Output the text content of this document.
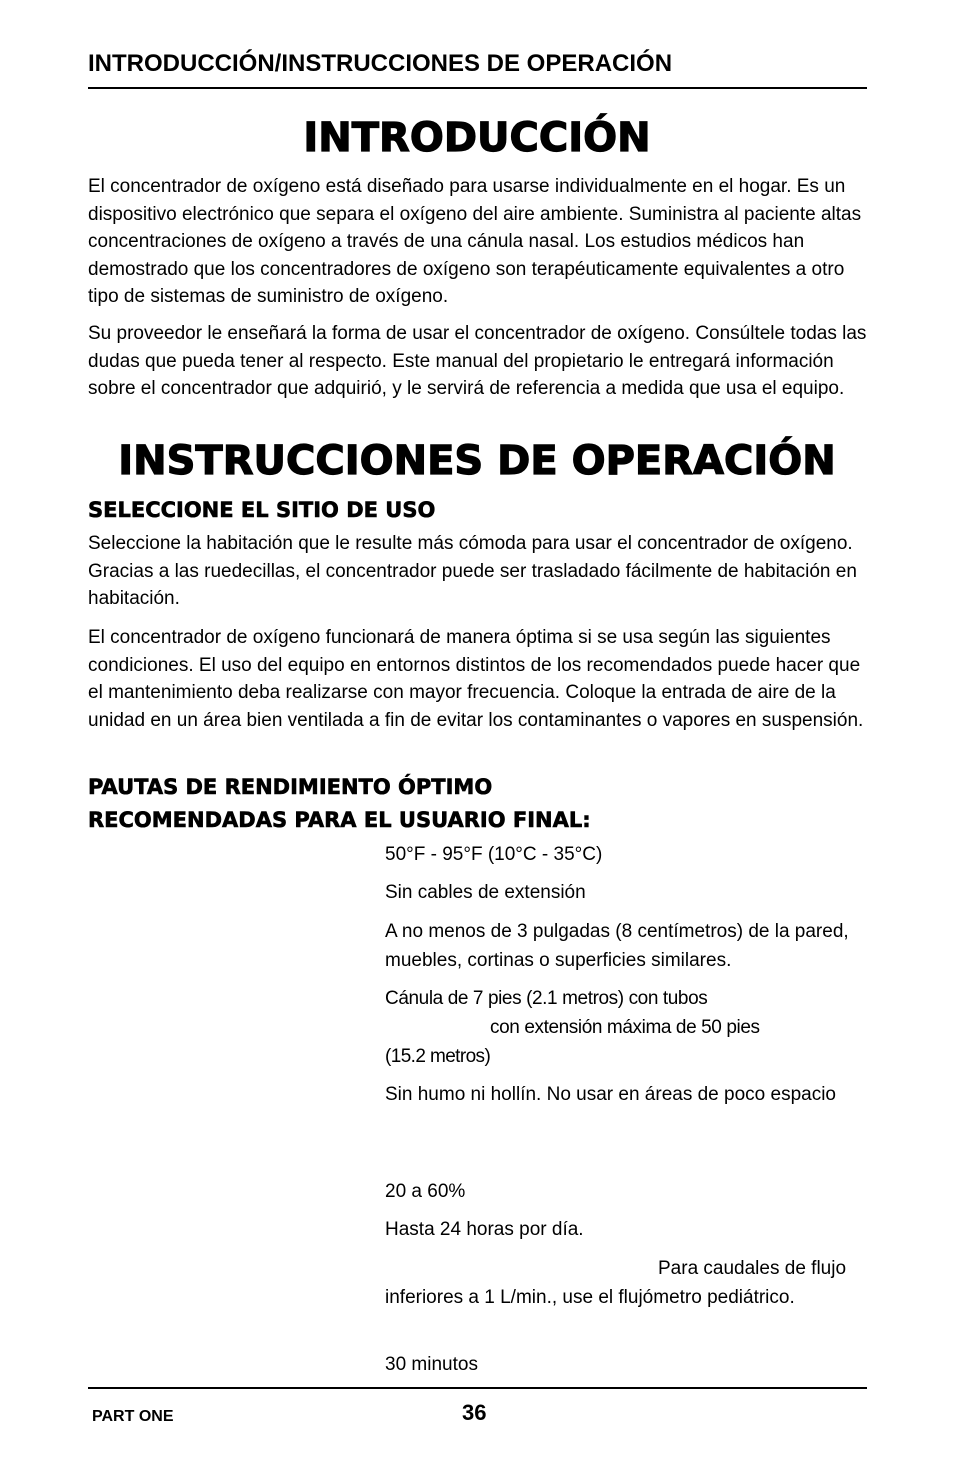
INTRODUCCIÓN/INSTRUCCIONES DE OPERACIÓN
INTRODUCCIÓN
El concentrador de oxígeno está diseñado para usarse individualmente en el hogar. Es un dispositivo electrónico que separa el oxígeno del aire ambiente. Suministra al paciente altas concentraciones de oxígeno a través de una cánula nasal. Los estudios médicos han demostrado que los concentradores de oxígeno son terapéuticamente equivalentes a otro tipo de sistemas de suministro de oxígeno.
Su proveedor le enseñará la forma de usar el concentrador de oxígeno. Consúltele todas las dudas que pueda tener al respecto. Este manual del propietario le entregará información sobre el concentrador que adquirió, y le servirá de referencia a medida que usa el equipo.
INSTRUCCIONES DE OPERACIÓN
SELECCIONE EL SITIO DE USO
Seleccione la habitación que le resulte más cómoda para usar el concentrador de oxígeno. Gracias a las ruedecillas, el concentrador puede ser trasladado fácilmente de habitación en habitación.
El concentrador de oxígeno funcionará de manera óptima si se usa según las siguientes condiciones. El uso del equipo en entornos distintos de los recomendados puede hacer que el mantenimiento deba realizarse con mayor frecuencia. Coloque la entrada de aire de la unidad en un área bien ventilada a fin de evitar los contaminantes o vapores en suspensión.
PAUTAS DE RENDIMIENTO ÓPTIMO
RECOMENDADAS PARA EL USUARIO FINAL:
50°F - 95°F (10°C - 35°C)
Sin cables de extensión
A no menos de 3 pulgadas (8 centímetros) de la pared, muebles, cortinas o superficies similares.
Cánula de 7 pies (2.1 metros) con tubos
con extensión máxima de 50 pies
(15.2 metros)
Sin humo ni hollín. No usar en áreas de poco espacio
20 a 60%
Hasta 24 horas por día.
Para caudales de flujo
inferiores a 1 L/min., use el flujómetro pediátrico.
30 minutos
PART ONE	36
